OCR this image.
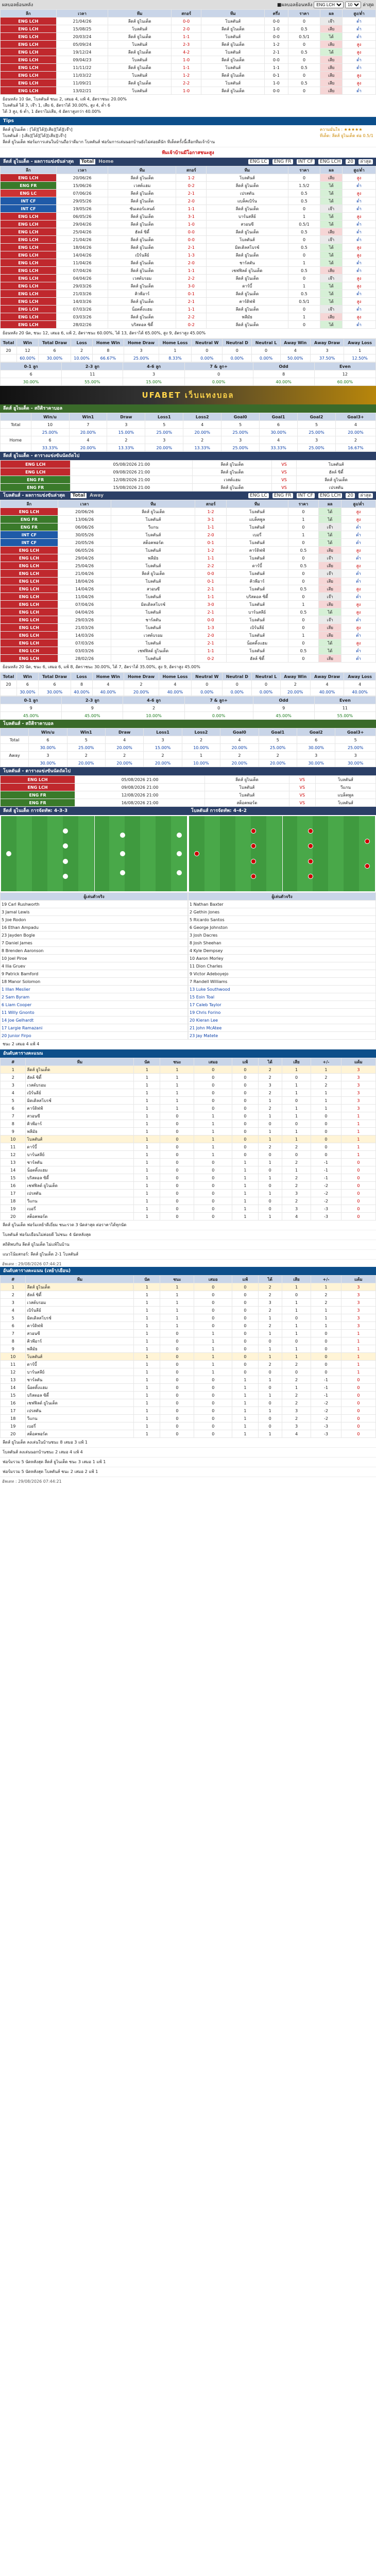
ผลบอลย้อนหลัง	■ผลบอลย้อนหลัง
ENG LCH
10	ล่าสุด
ลีก	เวลา	ทีม	สกอร์	ทีม	ครึ่ง	ราคา	ผล	สูง/ต่ำ
ENG LCH	21/04/26	ลีดส์ ยูไนเต็ด	0-0	โบลตันส์	0-0	0	เจ๊า	ต่ำ
ENG LCH	15/08/25	โบลตันส์	2-0	ลีดส์ ยูไนเต็ด	1-0	0.5	เสีย	ต่ำ
ENG LCH	20/03/24	ลีดส์ ยูไนเต็ด	1-1	โบลตันส์	0-0	0.5/1	ได้	ต่ำ
ENG LCH	05/09/24	โบลตันส์	2-3	ลีดส์ ยูไนเต็ด	1-2	0	เสีย	สูง
ENG LCH	19/12/24	ลีดส์ ยูไนเต็ด	4-2	โบลตันส์	2-1	0.5	ได้	สูง
ENG LCH	09/04/23	โบลตันส์	1-0	ลีดส์ ยูไนเต็ด	0-0	0	เสีย	ต่ำ
ENG LCH	11/11/22	ลีดส์ ยูไนเต็ด	1-1	โบลตันส์	1-1	0.5	เสีย	ต่ำ
ENG LCH	11/03/22	โบลตันส์	1-2	ลีดส์ ยูไนเต็ด	0-1	0	เสีย	สูง
ENG LCH	11/09/21	ลีดส์ ยูไนเต็ด	2-2	โบลตันส์	1-0	0.5	เสีย	สูง
ENG LCH	13/02/21	โบลตันส์	1-0	ลีดส์ ยูไนเต็ด	0-0	0	เสีย	ต่ำ
ย้อนหลัง 10 นัด, โบลตันส์ ชนะ 2, เสมอ 4, แพ้ 4, อัตราชนะ 20.00%
โบลตันส์ ได้ 3, เจ๊า 1, เสีย 6, อัตราได้ 30.00%, สูง 4, ต่ำ 6
ได้ 3 สูง, 6 ต่ำ, 1 อัตราไม่เสีย, 4 อัตราสูงกว่า 40.00%
Tips
ลีดส์ ยูไนเต็ด : [ได้][ได้][เสีย][ได้][เจ๊า]
โบลตันส์ : [เสีย][ได้][ได้][เสีย][เจ๊า]
ความมั่นใจ : ★★★★★
ทีเด็ด: ลีดส์ ยูไนเต็ด ต่อ 0.5/1
ลีดส์ ยูไนเต็ด ฟอร์มการเล่นในบ้านถือว่าดีมาก โบลตันส์ ฟอร์มการเล่นนอกบ้านยังไม่ค่อยดีนัก ทีเด็ดครั้งนี้เลือกทีมเจ้าบ้าน
ทีมเจ้าบ้านมีโอกาสชนะสูง
ลีดส์ ยูไนเต็ด - ผลการแข่งขันล่าสุด Total Home	ENG LC ENG FR INT CF ENG LCH 20 ล่าสุด
ลีก	เวลา	ทีม	สกอร์	ทีม	ราคา	ผล	สูง/ต่ำ
ENG LCH	20/06/26	ลีดส์ ยูไนเต็ด	1-2	โบลตันส์	0	เสีย	สูง
ENG FR	15/06/26	เวสต์แฮม	0-2	ลีดส์ ยูไนเต็ด	1.5/2	ได้	ต่ำ
ENG LC	07/06/26	ลีดส์ ยูไนเต็ด	2-1	เปรสตัน	0.5	ได้	สูง
INT CF	29/05/26	ลีดส์ ยูไนเต็ด	2-0	แบล็คเบิร์น	0.5	ได้	ต่ำ
INT CF	19/05/26	ซันเดอร์แลนด์	1-1	ลีดส์ ยูไนเต็ด	0	เจ๊า	ต่ำ
ENG LCH	06/05/26	ลีดส์ ยูไนเต็ด	3-1	บาร์นสลีย์	1	ได้	สูง
ENG LCH	29/04/26	ลีดส์ ยูไนเต็ด	1-0	สวอนซี	0.5/1	ได้	ต่ำ
ENG LCH	25/04/26	ฮัลล์ ซิตี้	0-0	ลีดส์ ยูไนเต็ด	0.5	เสีย	ต่ำ
ENG LCH	21/04/26	ลีดส์ ยูไนเต็ด	0-0	โบลตันส์	0	เจ๊า	ต่ำ
ENG LCH	18/04/26	ลีดส์ ยูไนเต็ด	2-1	มิดเดิลสโบรช์	0.5	ได้	สูง
ENG LCH	14/04/26	เบิร์นลีย์	1-3	ลีดส์ ยูไนเต็ด	0	ได้	สูง
ENG LCH	11/04/26	ลีดส์ ยูไนเต็ด	2-0	ชาร์ลตัน	1	ได้	ต่ำ
ENG LCH	07/04/26	ลีดส์ ยูไนเต็ด	1-1	เชฟฟิลด์ ยูไนเต็ด	0.5	เสีย	ต่ำ
ENG LCH	04/04/26	เวสต์บรอม	2-2	ลีดส์ ยูไนเต็ด	0	เจ๊า	สูง
ENG LCH	29/03/26	ลีดส์ ยูไนเต็ด	3-0	ดาร์บี้	1	ได้	สูง
ENG LCH	21/03/26	คิวพีอาร์	0-1	ลีดส์ ยูไนเต็ด	0.5	ได้	ต่ำ
ENG LCH	14/03/26	ลีดส์ ยูไนเต็ด	2-1	คาร์ดิฟฟ์	0.5/1	ได้	สูง
ENG LCH	07/03/26	น็อตติ้งแฮม	1-1	ลีดส์ ยูไนเต็ด	0	เจ๊า	ต่ำ
ENG LCH	03/03/26	ลีดส์ ยูไนเต็ด	2-2	พลีมัธ	1	เสีย	สูง
ENG LCH	28/02/26	บริสตอล ซิตี้	0-2	ลีดส์ ยูไนเต็ด	0	ได้	ต่ำ
ย้อนหลัง 20 นัด, ชนะ 12, เสมอ 6, แพ้ 2, อัตราชนะ 60.00%, ได้ 13, อัตราได้ 65.00%, สูง 9, อัตราสูง 45.00%
Total	Win	Total Draw	Loss	Home Win	Home Draw	Home Loss	Neutral W	Neutral D	Neutral L	Away Win	Away Draw	Away Loss
20	12	6	2	8	3	1	0	0	0	4	3	1
	60.00%	30.00%	10.00%	66.67%	25.00%	8.33%	0.00%	0.00%	0.00%	50.00%	37.50%	12.50%
0-1 ลูก	2-3 ลูก	4-6 ลูก	7 & ลูก+	Odd	Even
6	11	3	0	8	12
30.00%	55.00%	15.00%	0.00%	40.00%	60.00%
UFABET เว็บแทงบอล
ลีดส์ ยูไนเต็ด - สถิติราคาบอล
	Win/u	Win1	Draw	Loss1	Loss2	Goal0	Goal1	Goal2	Goal3+
Total	10	7	3	5	4	5	6	5	4
	25.00%	20.00%	15.00%	25.00%	20.00%	25.00%	30.00%	25.00%	20.00%
Home	6	4	2	3	2	3	4	3	2
	33.33%	20.00%	13.33%	20.00%	13.33%	25.00%	33.33%	25.00%	16.67%
ลีดส์ ยูไนเต็ด - ตารางแข่งขันนัดถัดไป
ENG LCH	05/08/2026 21:00	ลีดส์ ยูไนเต็ด	VS	โบลตันส์
ENG LCH	09/08/2026 21:00	ลีดส์ ยูไนเต็ด	VS	ฮัลล์ ซิตี้
ENG FR	12/08/2026 21:00	เวสต์แฮม	VS	ลีดส์ ยูไนเต็ด
ENG FR	15/08/2026 21:00	ลีดส์ ยูไนเต็ด	VS	เปรสตัน
โบลตันส์ - ผลการแข่งขันล่าสุด Total Away	ENG LC ENG FR INT CF ENG LCH 20 ล่าสุด
ลีก	เวลา	ทีม	สกอร์	ทีม	ราคา	ผล	สูง/ต่ำ
ENG LCH	20/06/26	ลีดส์ ยูไนเต็ด	1-2	โบลตันส์	0	ได้	สูง
ENG FR	13/06/26	โบลตันส์	3-1	แบล็คพูล	1	ได้	สูง
ENG FR	06/06/26	วีแกน	1-1	โบลตันส์	0	เจ๊า	ต่ำ
INT CF	30/05/26	โบลตันส์	2-0	เบอรี่	1	ได้	ต่ำ
INT CF	20/05/26	สต็อคพอร์ต	0-1	โบลตันส์	0	ได้	ต่ำ
ENG LCH	06/05/26	โบลตันส์	1-2	คาร์ดิฟฟ์	0.5	เสีย	สูง
ENG LCH	29/04/26	พลีมัธ	1-1	โบลตันส์	0	เจ๊า	ต่ำ
ENG LCH	25/04/26	โบลตันส์	2-2	ดาร์บี้	0.5	เสีย	สูง
ENG LCH	21/04/26	ลีดส์ ยูไนเต็ด	0-0	โบลตันส์	0	เจ๊า	ต่ำ
ENG LCH	18/04/26	โบลตันส์	0-1	คิวพีอาร์	0	เสีย	ต่ำ
ENG LCH	14/04/26	สวอนซี	2-1	โบลตันส์	0.5	เสีย	สูง
ENG LCH	11/04/26	โบลตันส์	1-1	บริสตอล ซิตี้	0	เจ๊า	ต่ำ
ENG LCH	07/04/26	มิดเดิลสโบรช์	3-0	โบลตันส์	1	เสีย	สูง
ENG LCH	04/04/26	โบลตันส์	2-1	บาร์นสลีย์	0.5	ได้	สูง
ENG LCH	29/03/26	ชาร์ลตัน	0-0	โบลตันส์	0	เจ๊า	ต่ำ
ENG LCH	21/03/26	โบลตันส์	1-3	เบิร์นลีย์	0	เสีย	สูง
ENG LCH	14/03/26	เวสต์บรอม	2-0	โบลตันส์	1	เสีย	ต่ำ
ENG LCH	07/03/26	โบลตันส์	2-1	น็อตติ้งแฮม	0	ได้	สูง
ENG LCH	03/03/26	เชฟฟิลด์ ยูไนเต็ด	1-1	โบลตันส์	0.5	ได้	ต่ำ
ENG LCH	28/02/26	โบลตันส์	0-2	ฮัลล์ ซิตี้	0	เสีย	ต่ำ
ย้อนหลัง 20 นัด, ชนะ 6, เสมอ 6, แพ้ 8, อัตราชนะ 30.00%, ได้ 7, อัตราได้ 35.00%, สูง 9, อัตราสูง 45.00%
Total	Win	Total Draw	Loss	Home Win	Home Draw	Home Loss	Neutral W	Neutral D	Neutral L	Away Win	Away Draw	Away Loss
20	6	6	8	4	2	4	0	0	0	2	4	4
	30.00%	30.00%	40.00%	40.00%	20.00%	40.00%	0.00%	0.00%	0.00%	20.00%	40.00%	40.00%
0-1 ลูก	2-3 ลูก	4-6 ลูก	7 & ลูก+	Odd	Even
9	9	2	0	9	11
45.00%	45.00%	10.00%	0.00%	45.00%	55.00%
โบลตันส์ - สถิติราคาบอล
	Win/u	Win1	Draw	Loss1	Loss2	Goal0	Goal1	Goal2	Goal3+
Total	6	5	4	3	2	4	5	6	5
	30.00%	25.00%	20.00%	15.00%	10.00%	20.00%	25.00%	30.00%	25.00%
Away	3	2	2	2	1	2	2	3	3
	30.00%	20.00%	20.00%	20.00%	10.00%	20.00%	20.00%	30.00%	30.00%
โบลตันส์ - ตารางแข่งขันนัดถัดไป
ENG LCH	05/08/2026 21:00	ลีดส์ ยูไนเต็ด	VS	โบลตันส์
ENG LCH	09/08/2026 21:00	โบลตันส์	VS	วีแกน
ENG FR	12/08/2026 21:00	โบลตันส์	VS	แบล็คพูล
ENG FR	16/08/2026 21:00	สต็อคพอร์ต	VS	โบลตันส์
ลีดส์ ยูไนเต็ด การจัดทัพ: 4-3-3	โบลตันส์ การจัดทัพ: 4-4-2
ผู้เล่นตัวจริง
19 Carl Rushworth
3 Jamal Lewis
5 Joe Rodon
16 Ethan Ampadu
23 Jayden Bogle
7 Daniel James
8 Brenden Aaronson
10 Joel Piroe
4 Ilia Gruev
9 Patrick Bamford
18 Manor Solomon
1 Illan Meslier
2 Sam Byram
6 Liam Cooper
11 Willy Gnonto
14 Joe Gelhardt
17 Largie Ramazani
20 Junior Firpo
ผู้เล่นตัวจริง
1 Nathan Baxter
2 Gethin Jones
5 Ricardo Santos
6 George Johnston
3 Josh Dacres
8 Josh Sheehan
4 Kyle Dempsey
10 Aaron Morley
11 Dion Charles
9 Victor Adeboyejo
7 Randell Williams
13 Luke Southwood
15 Eoin Toal
17 Caleb Taylor
19 Chris Forino
20 Kieran Lee
21 John McAtee
23 Jay Matete
ชนะ 2 เสมอ 4 แพ้ 4
อันดับตารางคะแนน
#	ทีม	นัด	ชนะ	เสมอ	แพ้	ได้	เสีย	+/-	แต้ม
1	ลีดส์ ยูไนเต็ด	1	1	0	0	2	1	1	3
2	ฮัลล์ ซิตี้	1	1	0	0	2	0	2	3
3	เวสต์บรอม	1	1	0	0	3	1	2	3
4	เบิร์นลีย์	1	1	0	0	2	1	1	3
5	มิดเดิลสโบรช์	1	1	0	0	1	0	1	3
6	คาร์ดิฟฟ์	1	1	0	0	2	1	1	3
7	สวอนซี	1	0	1	0	1	1	0	1
8	คิวพีอาร์	1	0	1	0	0	0	0	1
9	พลีมัธ	1	0	1	0	1	1	0	1
10	โบลตันส์	1	0	1	0	1	1	0	1
11	ดาร์บี้	1	0	1	0	2	2	0	1
12	บาร์นสลีย์	1	0	1	0	0	0	0	1
13	ชาร์ลตัน	1	0	0	1	1	2	-1	0
14	น็อตติ้งแฮม	1	0	0	1	0	1	-1	0
15	บริสตอล ซิตี้	1	0	0	1	1	2	-1	0
16	เชฟฟิลด์ ยูไนเต็ด	1	0	0	1	0	2	-2	0
17	เปรสตัน	1	0	0	1	1	3	-2	0
18	วีแกน	1	0	0	1	0	2	-2	0
19	เบอรี่	1	0	0	1	0	3	-3	0
20	สต็อคพอร์ต	1	0	0	1	1	4	-3	0
ลีดส์ ยูไนเต็ด ฟอร์มเหย้าดีเยี่ยม ชนะรวด 3 นัดล่าสุด ต่อราคาได้ทุกนัด
โบลตันส์ ฟอร์มเยือนไม่ค่อยดี ไม่ชนะ 4 นัดหลังสุด
สถิติพบกัน ลีดส์ ยูไนเต็ด ไม่แพ้ในบ้าน
แนวโน้มสกอร์: ลีดส์ ยูไนเต็ด 2-1 โบลตันส์
อัพเดท : 29/08/2026 07:44:21
อันดับตารางคะแนน (เหย้า/เยือน)
#	ทีม	นัด	ชนะ	เสมอ	แพ้	ได้	เสีย	+/-	แต้ม
1	ลีดส์ ยูไนเต็ด	1	1	0	0	2	1	1	3
2	ฮัลล์ ซิตี้	1	1	0	0	2	0	2	3
3	เวสต์บรอม	1	1	0	0	3	1	2	3
4	เบิร์นลีย์	1	1	0	0	2	1	1	3
5	มิดเดิลสโบรช์	1	1	0	0	1	0	1	3
6	คาร์ดิฟฟ์	1	1	0	0	2	1	1	3
7	สวอนซี	1	0	1	0	1	1	0	1
8	คิวพีอาร์	1	0	1	0	0	0	0	1
9	พลีมัธ	1	0	1	0	1	1	0	1
10	โบลตันส์	1	0	1	0	1	1	0	1
11	ดาร์บี้	1	0	1	0	2	2	0	1
12	บาร์นสลีย์	1	0	1	0	0	0	0	1
13	ชาร์ลตัน	1	0	0	1	1	2	-1	0
14	น็อตติ้งแฮม	1	0	0	1	0	1	-1	0
15	บริสตอล ซิตี้	1	0	0	1	1	2	-1	0
16	เชฟฟิลด์ ยูไนเต็ด	1	0	0	1	0	2	-2	0
17	เปรสตัน	1	0	0	1	1	3	-2	0
18	วีแกน	1	0	0	1	0	2	-2	0
19	เบอรี่	1	0	0	1	0	3	-3	0
20	สต็อคพอร์ต	1	0	0	1	1	4	-3	0
ลีดส์ ยูไนเต็ด ลงเล่นในบ้านชนะ 8 เสมอ 3 แพ้ 1
โบลตันส์ ลงเล่นนอกบ้านชนะ 2 เสมอ 4 แพ้ 4
ฟอร์มรวม 5 นัดหลังสุด ลีดส์ ยูไนเต็ด ชนะ 3 เสมอ 1 แพ้ 1
ฟอร์มรวม 5 นัดหลังสุด โบลตันส์ ชนะ 2 เสมอ 2 แพ้ 1
อัพเดท : 29/08/2026 07:44:21
